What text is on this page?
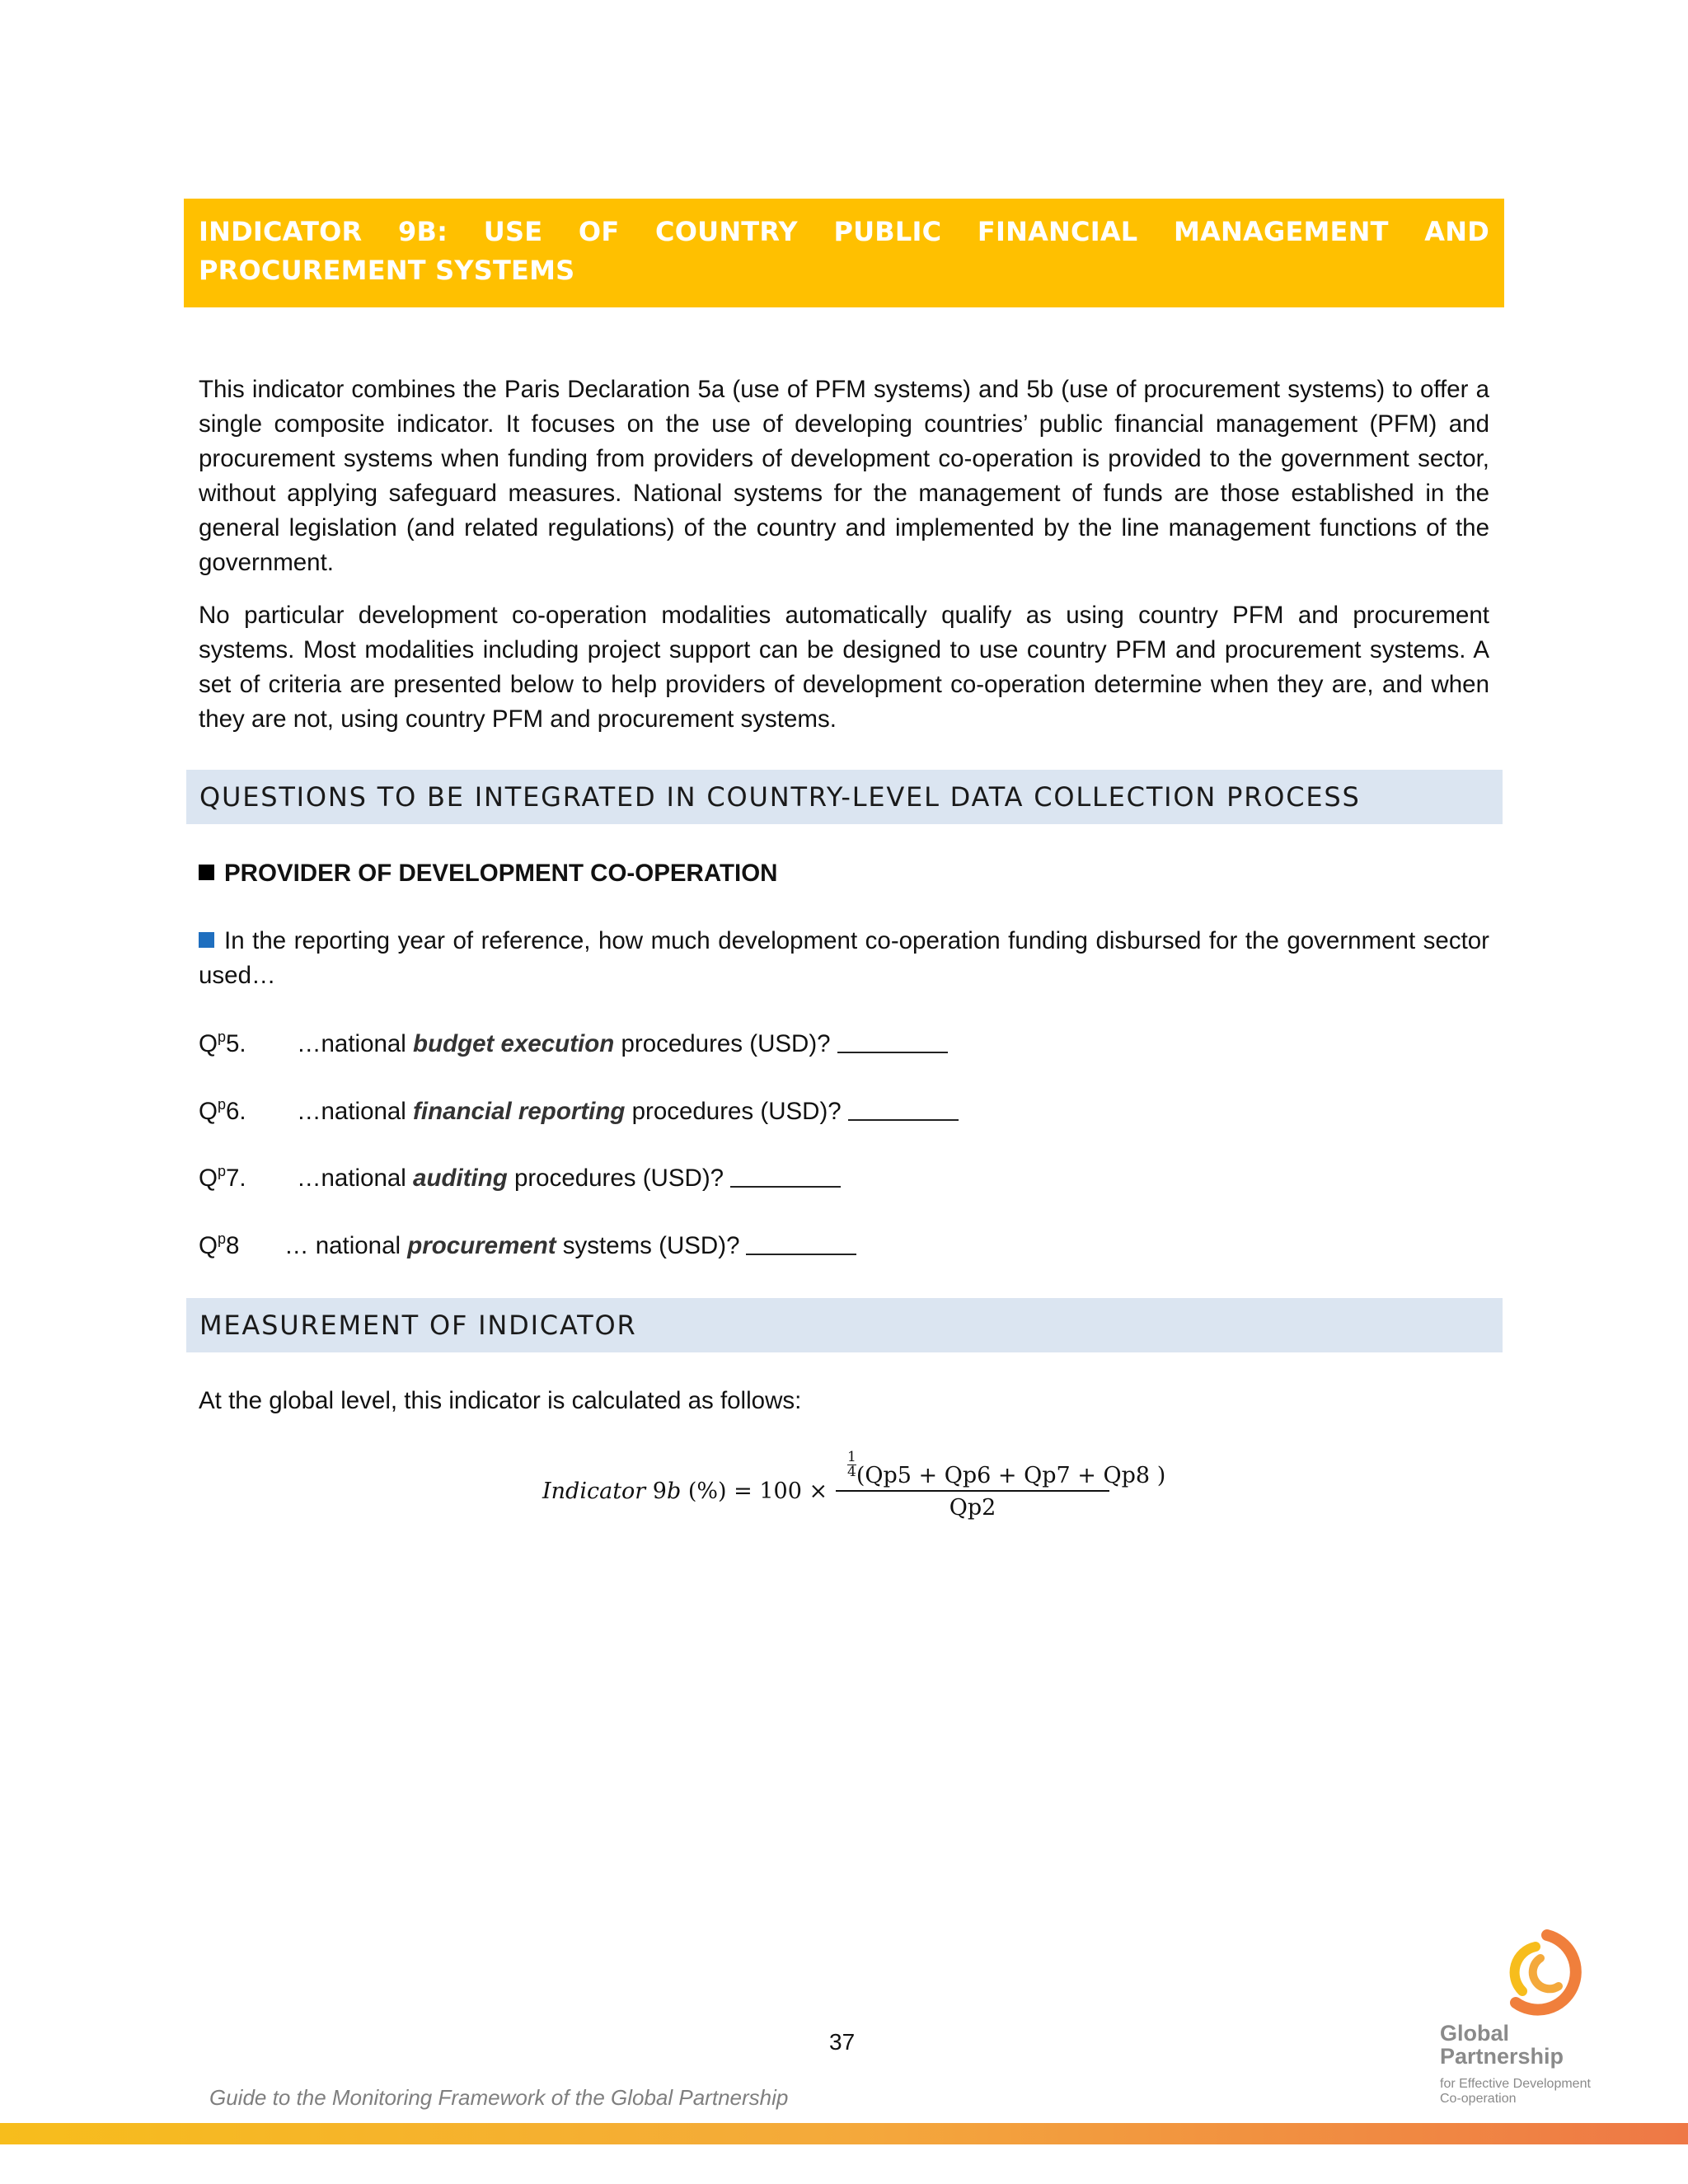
INDICATOR 9B: USE OF COUNTRY PUBLIC FINANCIAL MANAGEMENT AND PROCUREMENT SYSTEMS

This indicator combines the Paris Declaration 5a (use of PFM systems) and 5b (use of procurement systems) to offer a single composite indicator. It focuses on the use of developing countries’ public financial management (PFM) and procurement systems when funding from providers of development co-operation is provided to the government sector, without applying safeguard measures. National systems for the management of funds are those established in the general legislation (and related regulations) of the country and implemented by the line management functions of the government.

No particular development co-operation modalities automatically qualify as using country PFM and procurement systems. Most modalities including project support can be designed to use country PFM and procurement systems. A set of criteria are presented below to help providers of development co-operation determine when they are, and when they are not, using country PFM and procurement systems.

QUESTIONS TO BE INTEGRATED IN COUNTRY-LEVEL DATA COLLECTION PROCESS
PROVIDER OF DEVELOPMENT CO-OPERATION
In the reporting year of reference, how much development co-operation funding disbursed for the government sector used…
$Q^p5$. …national budget execution procedures (USD)?
$Q^p6$. …national financial reporting procedures (USD)?
$Q^p7$. …national auditing procedures (USD)?
$Q^p8$ … national procurement systems (USD)?
MEASUREMENT OF INDICATOR
At the global level, this indicator is calculated as follows:
Indicator 9b (%) = 100 ×
$\frac{1}{4} (Qp5 + Qp6 + Qp7 + Qp8$ )
Qp2
37
Guide to the Monitoring Framework of the Global Partnership
Global
Partnership
for Effective Development
Co-operation
